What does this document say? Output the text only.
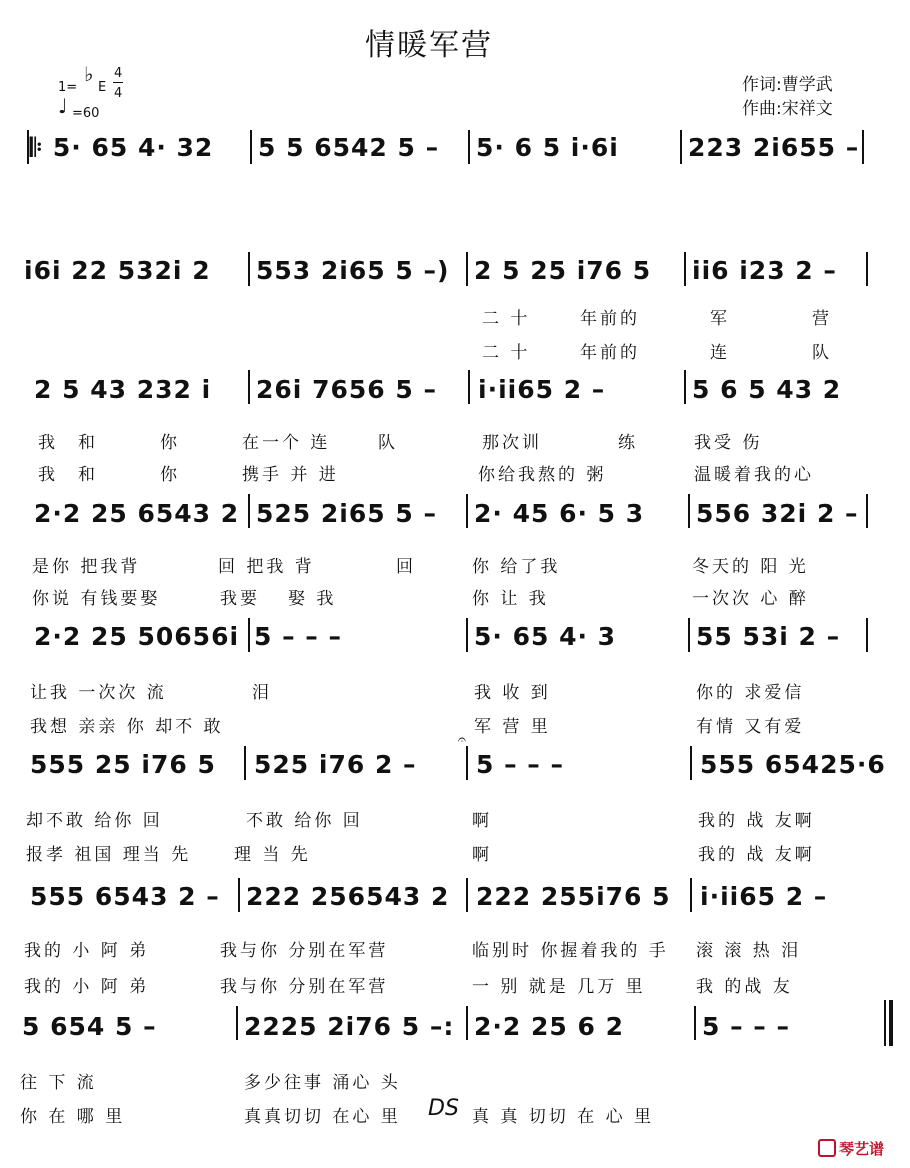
情暖军营
1=
♭
E
4
4
♩ =60
作词:曹学武
作曲:宋祥文
𝄆 5· 65 4· 32 5 5 6542 5 – 5· 6 5 i·6i	223 2i655 –
i6i 22 532i 2 553 2i65 5 –) 2 5 25 i76 5 ii6 i23 2 –
二 十	年前的	军	营
二 十	年前的	连	队
2 5 43 232 i 26i 7656 5 – i·ii65 2 –	5 6 5 43 2
我 和	你	在一个 连	队	那次训	练	我受 伤
我 和	你	携手 并 进	你给我熬的 粥	温暖着我的心
2·2 25 6543 2 525 2i65 5 – 2· 45 6· 5 3 556 32i 2 –
是你 把我背	回 把我 背	回	你 给了我	冬天的 阳 光
你说 有钱要娶	我要 娶 我	你 让 我	一次次 心 醉
2·2 25 50656i 5 – – –	5· 65 4· 3	55 53i 2 –
让我 一次次 流	泪	我 收 到	你的 求爱信
我想 亲亲 你 却不 敢	军 营 里	有情 又有爱
555 25 i76 5 525 i76 2 –
𝄐
5 – – –	555 65425·6
却不敢 给你 回	不敢 给你 回	啊	我的 战 友啊
报孝 祖国 理当 先	理 当 先	啊	我的 战 友啊
555 6543 2 – 222 256543 2 222 255i76 5 i·ii65 2 –
我的 小 阿 弟	我与你 分别在军营	临别时 你握着我的 手 滚 滚 热 泪
我的 小 阿 弟	我与你 分别在军营	一 别 就是 几万 里	我 的战 友
5 654 5 –	2225 2i76 5 –: 2·2 25 6 2	5 – – –
往 下 流	多少往事 涌心 头
你 在 哪 里	真真切切 在心 里 DS 真 真 切切 在 心 里
琴艺谱
